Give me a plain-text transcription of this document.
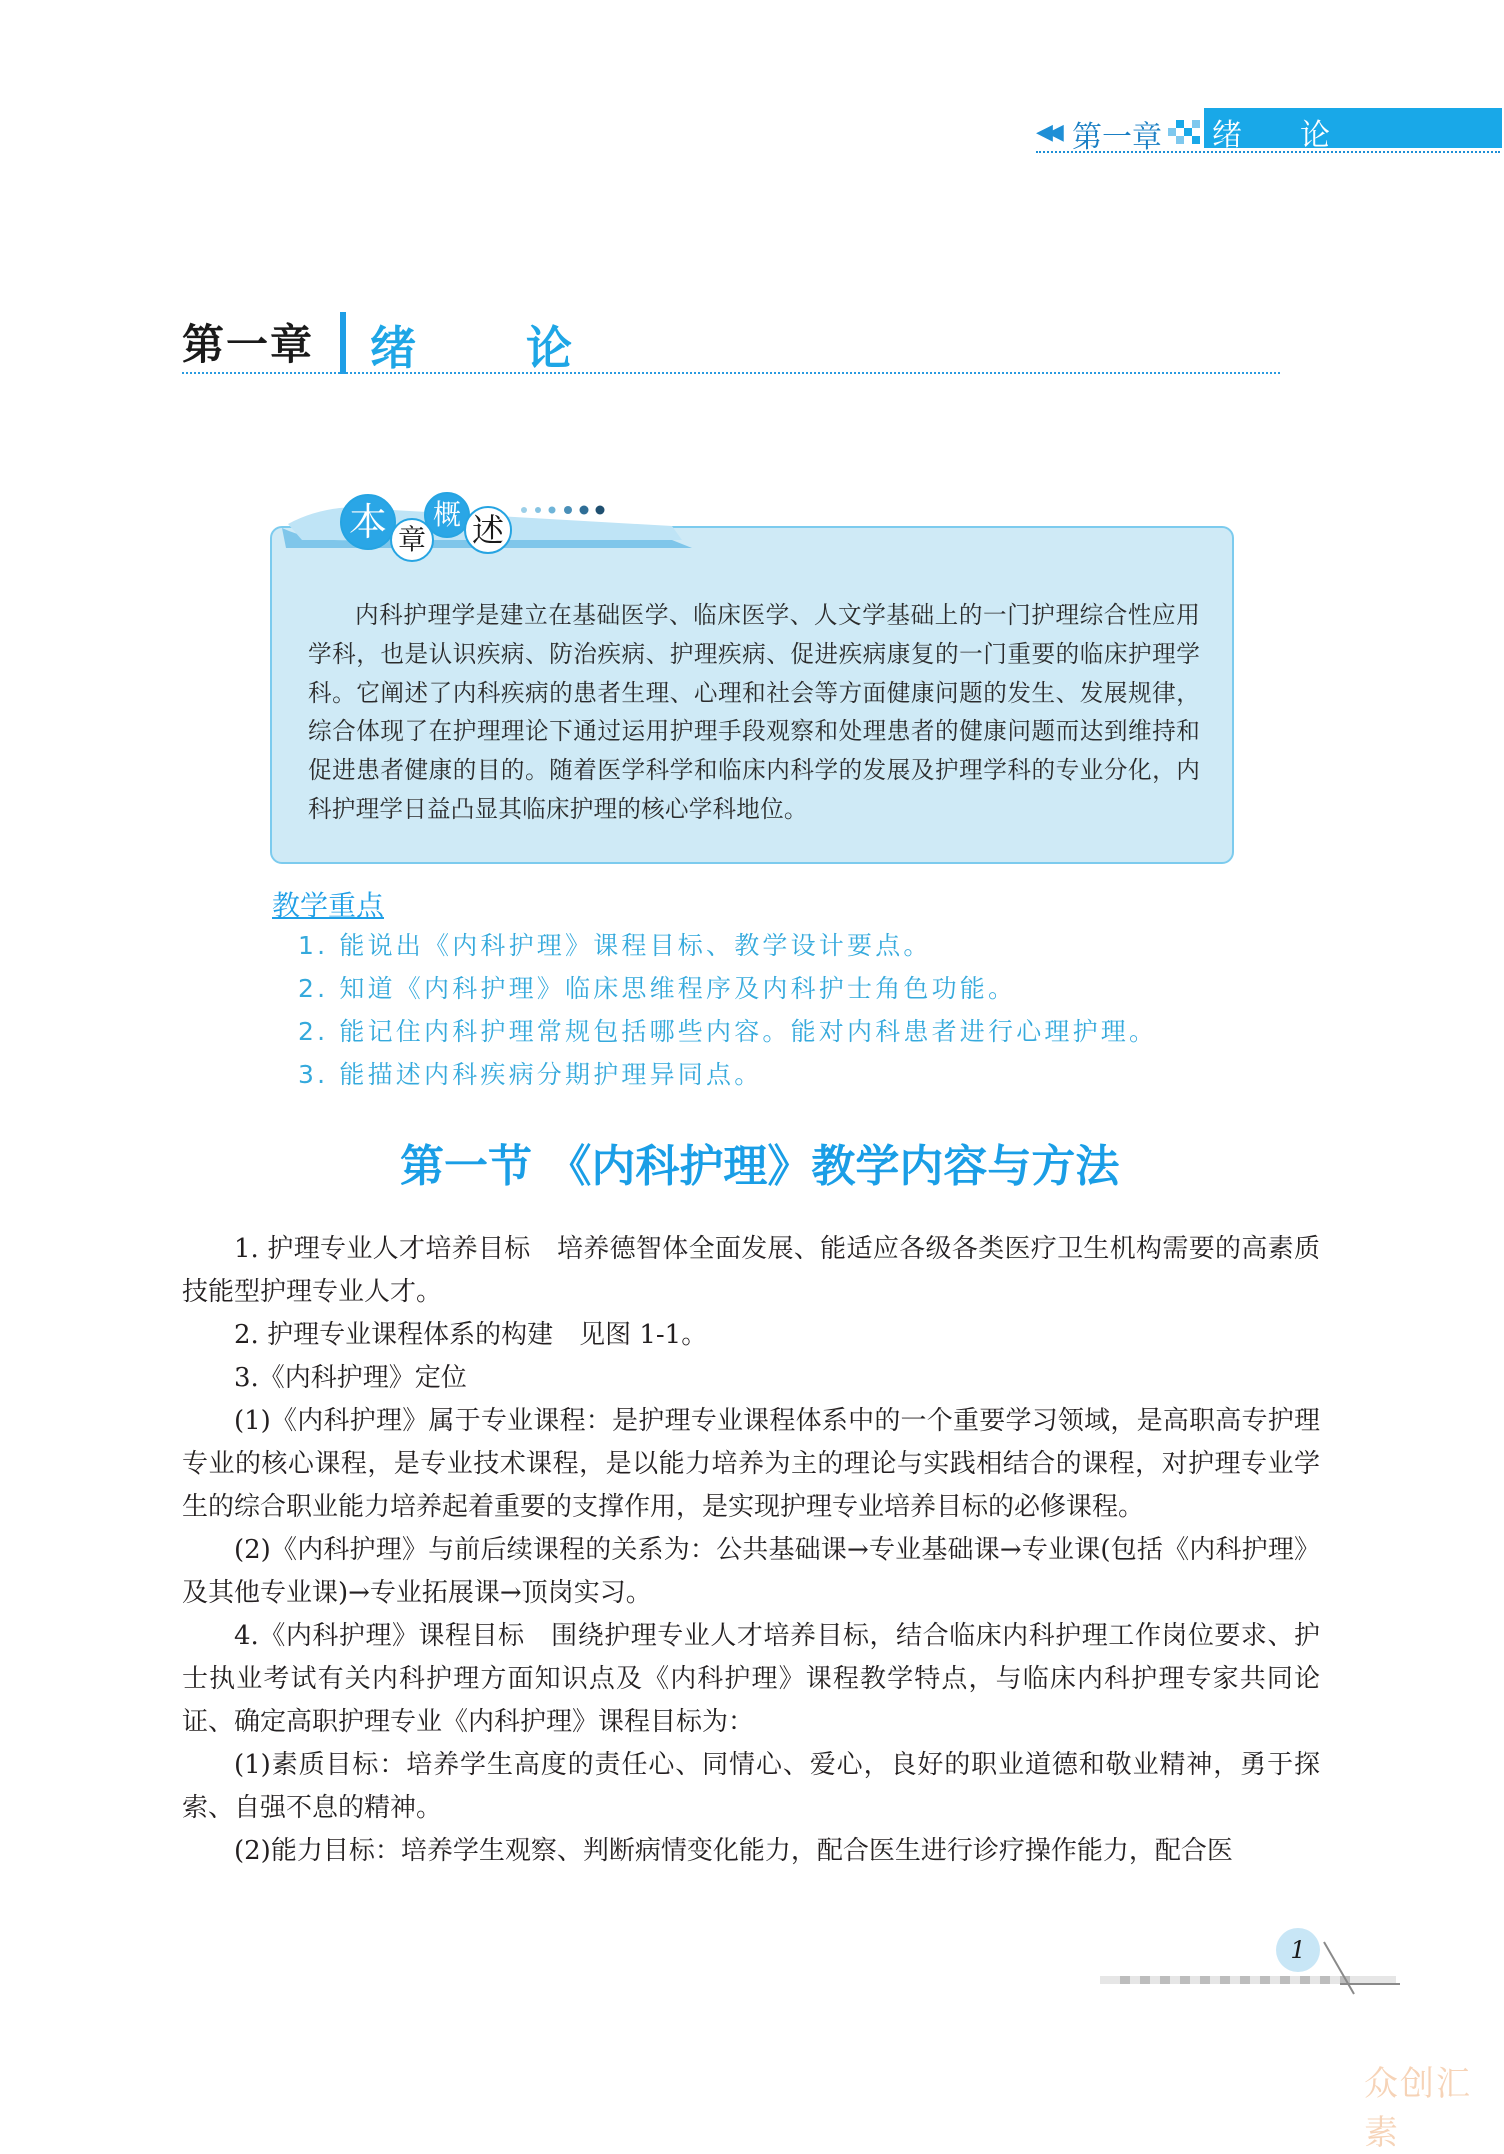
◀◀ 第一章 绪 论
第一章 绪 论
本 章
概 述
内科护理学是建立在基础医学、临床医学、人文学基础上的一门护理综合性应用学科，也是认识疾病、防治疾病、护理疾病、促进疾病康复的一门重要的临床护理学科。它阐述了内科疾病的患者生理、心理和社会等方面健康问题的发生、发展规律，综合体现了在护理理论下通过运用护理手段观察和处理患者的健康问题而达到维持和促进患者健康的目的。随着医学科学和临床内科学的发展及护理学科的专业分化，内科护理学日益凸显其临床护理的核心学科地位。
教学重点
1. 能说出《内科护理》课程目标、教学设计要点。
2. 知道《内科护理》临床思维程序及内科护士角色功能。
2. 能记住内科护理常规包括哪些内容。能对内科患者进行心理护理。
3. 能描述内科疾病分期护理异同点。
第一节 《内科护理》教学内容与方法

1. 护理专业人才培养目标　培养德智体全面发展、能适应各级各类医疗卫生机构需要的高素质技能型护理专业人才。

2. 护理专业课程体系的构建　见图 1-1。

3.《内科护理》定位

(1)《内科护理》属于专业课程：是护理专业课程体系中的一个重要学习领域，是高职高专护理专业的核心课程，是专业技术课程，是以能力培养为主的理论与实践相结合的课程，对护理专业学生的综合职业能力培养起着重要的支撑作用，是实现护理专业培养目标的必修课程。

(2)《内科护理》与前后续课程的关系为：公共基础课→专业基础课→专业课(包括《内科护理》及其他专业课)→专业拓展课→顶岗实习。

4.《内科护理》课程目标　围绕护理专业人才培养目标，结合临床内科护理工作岗位要求、护士执业考试有关内科护理方面知识点及《内科护理》课程教学特点，与临床内科护理专家共同论证、确定高职护理专业《内科护理》课程目标为：

(1)素质目标：培养学生高度的责任心、同情心、爱心，良好的职业道德和敬业精神，勇于探索、自强不息的精神。

(2)能力目标：培养学生观察、判断病情变化能力，配合医生进行诊疗操作能力，配合医

1
众创汇素
